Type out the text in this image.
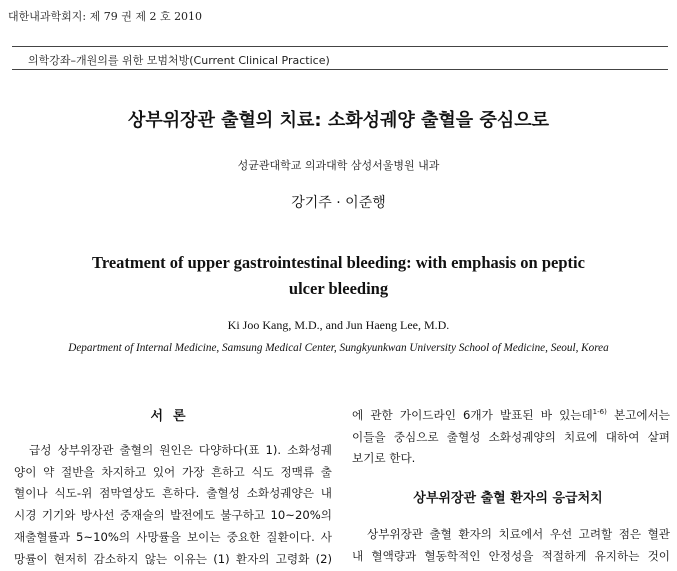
대한내과학회지: 제 79 권 제 2 호 2010
의학강좌–개원의를 위한 모범처방(Current Clinical Practice)
상부위장관 출혈의 치료: 소화성궤양 출혈을 중심으로
성균관대학교 의과대학 삼성서울병원 내과
강기주 · 이준행
Treatment of upper gastrointestinal bleeding: with emphasis on peptic
ulcer bleeding
Ki Joo Kang, M.D., and Jun Haeng Lee, M.D.
Department of Internal Medicine, Samsung Medical Center, Sungkyunkwan University School of Medicine, Seoul, Korea
서론
급성 상부위장관 출혈의 원인은 다양하다(표 1). 소화성궤
양이 약 절반을 차지하고 있어 가장 흔하고 식도 정맥류 출
혈이나 식도-위 점막열상도 흔하다. 출혈성 소화성궤양은 내
시경 기기와 방사선 중재술의 발전에도 불구하고 10~20%의
재출혈률과 5~10%의 사망률을 보이는 중요한 질환이다. 사
망률이 현저히 감소하지 않는 이유는 (1) 환자의 고령화 (2)
에 관한 가이드라인 6개가 발표된 바 있는데$^{1-6)}$ 본고에서는
이들을 중심으로 출혈성 소화성궤양의 치료에 대하여 살펴
보기로 한다.
상부위장관 출혈 환자의 응급처치
상부위장관 출혈 환자의 치료에서 우선 고려할 점은 혈관
내 혈액량과 혈동학적인 안정성을 적절하게 유지하는 것이
